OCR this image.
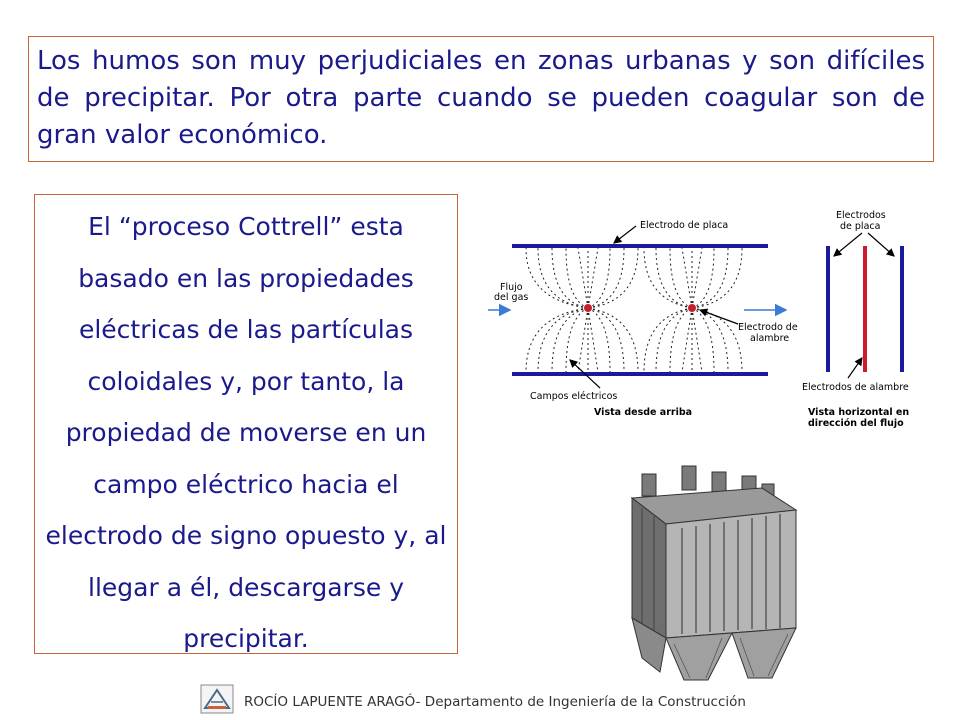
Los humos son muy perjudiciales en zonas urbanas y son difíciles de precipitar. Por otra parte cuando se pueden coagular son de gran valor económico.
El “proceso Cottrell” esta basado en las propiedades eléctricas de las partículas coloidales y, por tanto, la propiedad de moverse en un campo eléctrico hacia el electrodo de signo opuesto y, al llegar a él, descargarse y precipitar.
Electrodo de placa
Flujo
del gas
Electrodo de
alambre
Campos eléctricos
Vista desde arriba
Electrodos
de placa
Electrodos de alambre
Vista horizontal en
dirección del flujo
ROCÍO LAPUENTE ARAGÓ- Departamento de Ingeniería de la Construcción
